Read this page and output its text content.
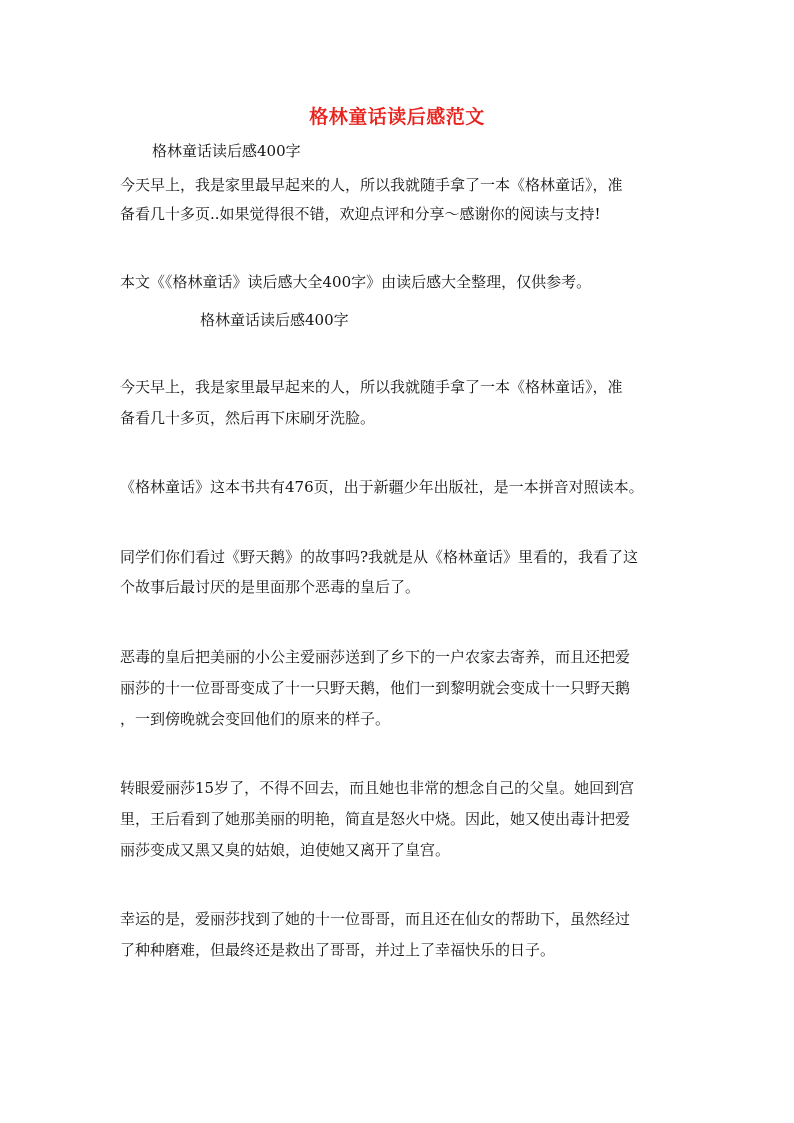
格林童话读后感范文

格林童话读后感400字

今天早上，我是家里最早起来的人，所以我就随手拿了一本《格林童话》，准

备看几十多页..如果觉得很不错，欢迎点评和分享～感谢你的阅读与支持!

本文《《格林童话》读后感大全400字》由读后感大全整理，仅供参考。

格林童话读后感400字

今天早上，我是家里最早起来的人，所以我就随手拿了一本《格林童话》，准

备看几十多页，然后再下床刷牙洗脸。

《格林童话》这本书共有476页，出于新疆少年出版社，是一本拼音对照读本。

同学们你们看过《野天鹅》的故事吗?我就是从《格林童话》里看的，我看了这

个故事后最讨厌的是里面那个恶毒的皇后了。

恶毒的皇后把美丽的小公主爱丽莎送到了乡下的一户农家去寄养，而且还把爱

丽莎的十一位哥哥变成了十一只野天鹅，他们一到黎明就会变成十一只野天鹅

，一到傍晚就会变回他们的原来的样子。

转眼爱丽莎15岁了，不得不回去，而且她也非常的想念自己的父皇。她回到宫

里，王后看到了她那美丽的明艳，简直是怒火中烧。因此，她又使出毒计把爱

丽莎变成又黑又臭的姑娘，迫使她又离开了皇宫。

幸运的是，爱丽莎找到了她的十一位哥哥，而且还在仙女的帮助下，虽然经过

了种种磨难，但最终还是救出了哥哥，并过上了幸福快乐的日子。
